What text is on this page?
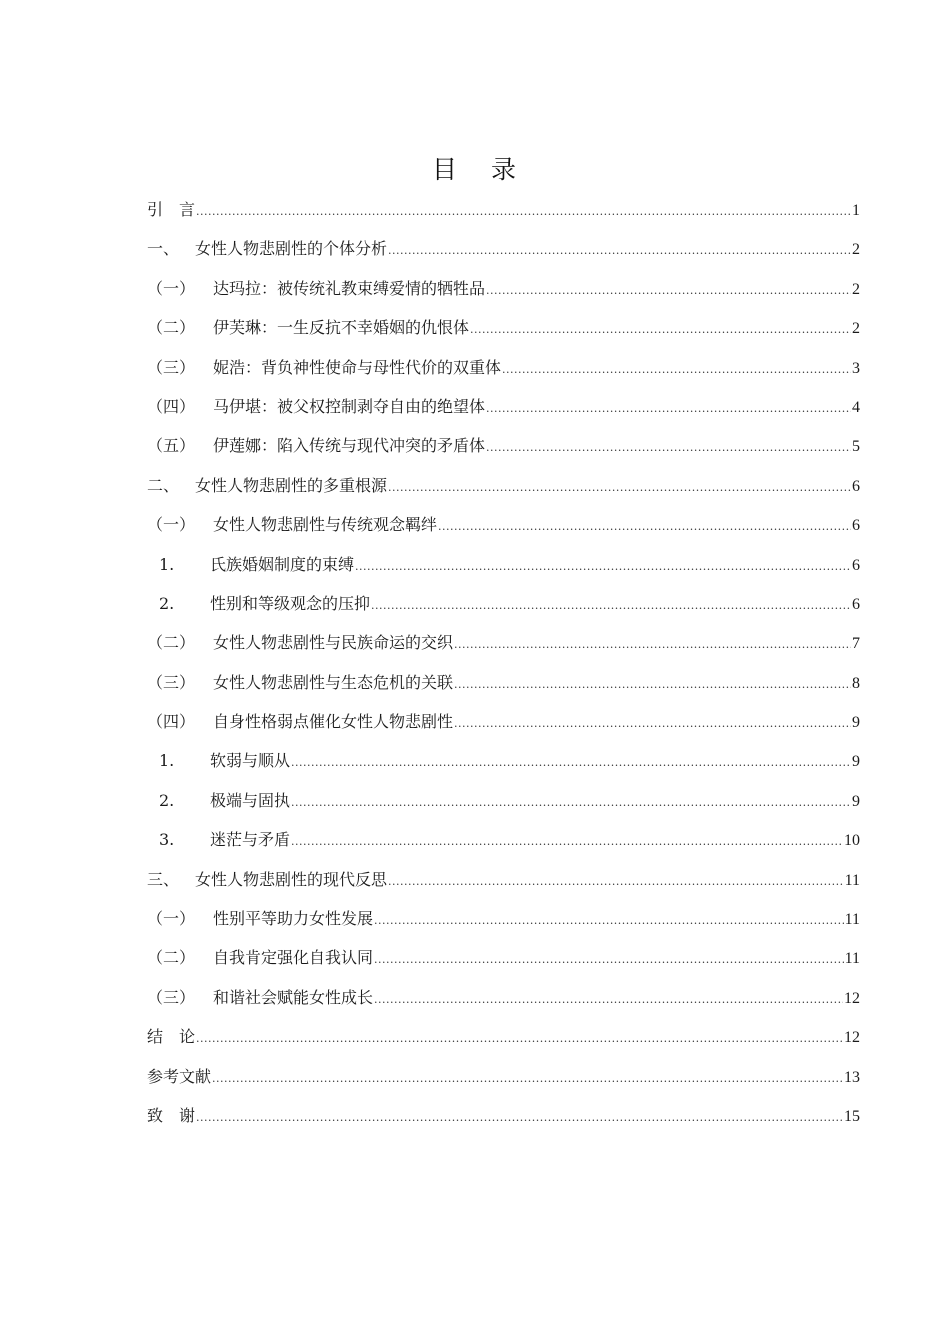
目 录
引　言 .....	1
一、 女性人物悲剧性的个体分析 .....	2
（一）	达玛拉：被传统礼教束缚爱情的牺牲品 .....	2
（二）	伊芙琳：一生反抗不幸婚姻的仇恨体 .....	2
（三）	妮浩：背负神性使命与母性代价的双重体 .....	3
（四）	马伊堪：被父权控制剥夺自由的绝望体 .....	4
（五）	伊莲娜：陷入传统与现代冲突的矛盾体 .....	5
二、 女性人物悲剧性的多重根源 .....	6
（一）	女性人物悲剧性与传统观念羁绊 .....	6
1.	氏族婚姻制度的束缚 .....	6
2.	性别和等级观念的压抑 .....	6
（二）	女性人物悲剧性与民族命运的交织 .....	7
（三）	女性人物悲剧性与生态危机的关联 .....	8
（四）	自身性格弱点催化女性人物悲剧性 .....	9
1.	软弱与顺从 .....	9
2.	极端与固执 .....	9
3.	迷茫与矛盾 .....	10
三、 女性人物悲剧性的现代反思 .....	11
（一）	性别平等助力女性发展 .....	11
（二）	自我肯定强化自我认同 .....	11
（三）	和谐社会赋能女性成长 .....	12
结　论 .....	12
参考文献 .....	13
致　谢 .....	15
